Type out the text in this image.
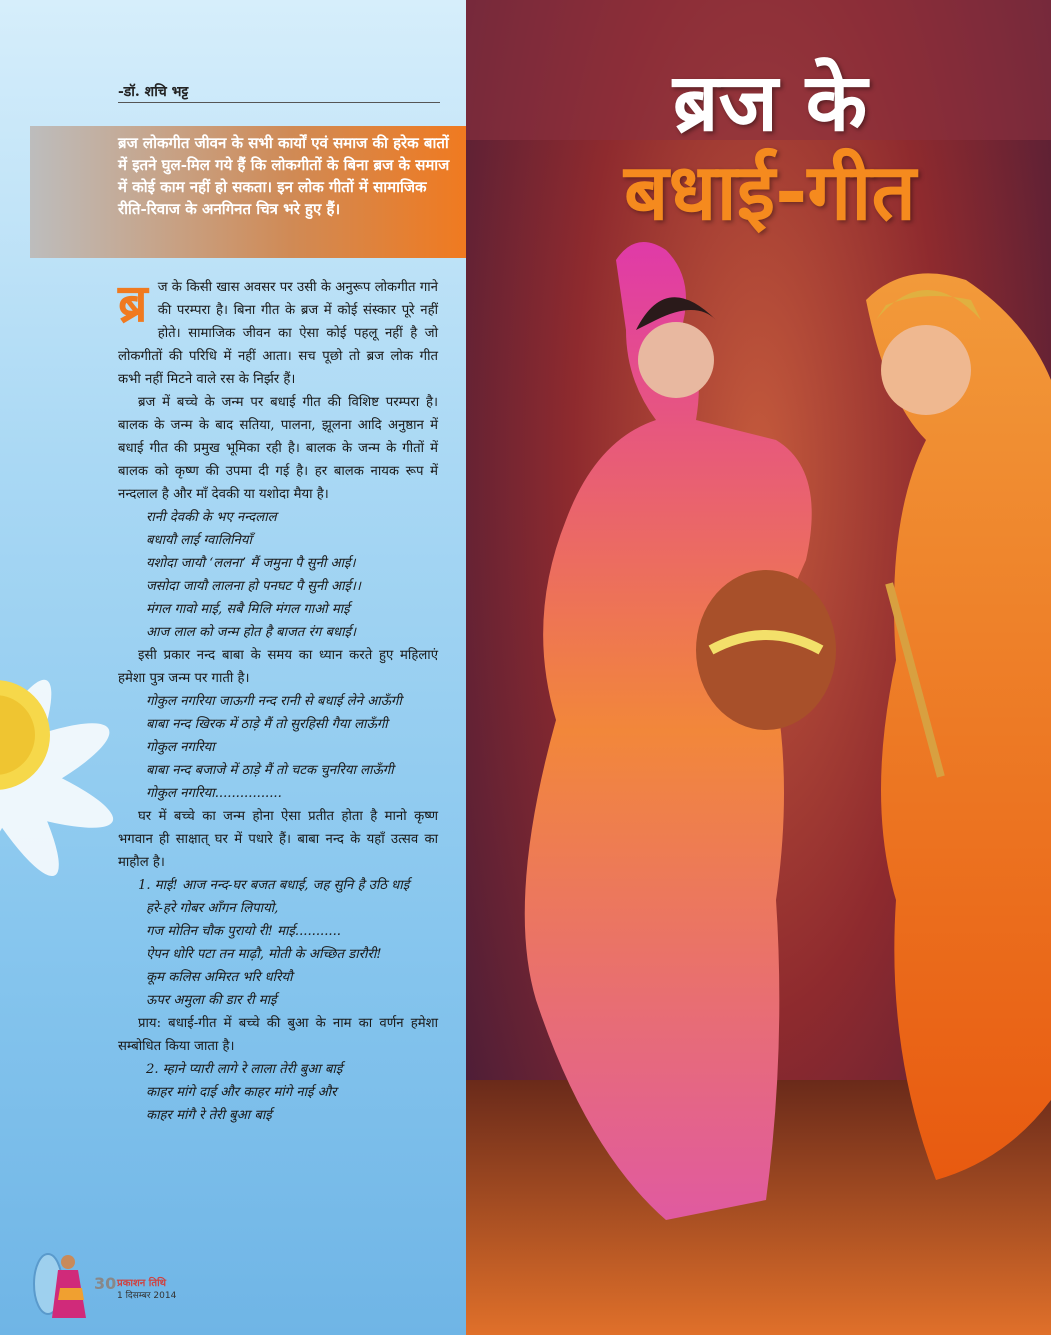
ब्रज के
बधाई-गीत
-डॉ. शचि भट्ट
ब्रज लोकगीत जीवन के सभी कार्यों एवं समाज की हरेक बातों में इतने घुल-मिल गये हैं कि लोकगीतों के बिना ब्रज के समाज में कोई काम नहीं हो सकता। इन लोक गीतों में सामाजिक रीति-रिवाज के अनगिनत चित्र भरे हुए हैं।

ब्र ज के किसी खास अवसर पर उसी के अनुरूप लोकगीत गाने की परम्परा है। बिना गीत के ब्रज में कोई संस्कार पूरे नहीं होते। सामाजिक जीवन का ऐसा कोई पहलू नहीं है जो लोकगीतों की परिधि में नहीं आता। सच पूछो तो ब्रज लोक गीत कभी नहीं मिटने वाले रस के निर्झर हैं।

ब्रज में बच्चे के जन्म पर बधाई गीत की विशिष्ट परम्परा है। बालक के जन्म के बाद सतिया, पालना, झूलना आदि अनुष्ठान में बधाई गीत की प्रमुख भूमिका रही है। बालक के जन्म के गीतों में बालक को कृष्ण की उपमा दी गई है। हर बालक नायक रूप में नन्दलाल है और माँ देवकी या यशोदा मैया है।

रानी देवकी के भए नन्दलाल
बधायौ लाई ग्वालिनियाँ
यशोदा जायौ ‘ललना’ मैं जमुना पै सुनी आई।
जसोदा जायौ लालना हो पनघट पै सुनी आई।।
मंगल गावो माई, सबै मिलि मंगल गाओ माई
आज लाल को जन्म होत है बाजत रंग बधाई।

इसी प्रकार नन्द बाबा के समय का ध्यान करते हुए महिलाएं हमेशा पुत्र जन्म पर गाती है।

गोकुल नगरिया जाऊगी नन्द रानी से बधाई लेने आऊँगी
बाबा नन्द खिरक में ठाड़े मैं तो सुरहिसी गैया लाऊँगी
गोकुल नगरिया
बाबा नन्द बजाजे में ठाड़े मैं तो चटक चुनरिया लाऊँगी
गोकुल नगरिया................

घर में बच्चे का जन्म होना ऐसा प्रतीत होता है मानो कृष्ण भगवान ही साक्षात् घर में पधारे हैं। बाबा नन्द के यहाँ उत्सव का माहौल है।

1. माई! आज नन्द-घर बजत बधाई, जह सुनि है उठि धाई

हरे-हरे गोबर आँगन लिपायो,
गज मोतिन चौक पुरायो री! माई...........
ऐपन धोरि पटा तन माढ़ौ, मोती के अच्छित डारौरी!
कूम कलिस अमिरत भरि धरियौ
ऊपर अमुला की डार री माई

प्राय: बधाई-गीत में बच्चे की बुआ के नाम का वर्णन हमेशा सम्बोधित किया जाता है।

2. म्हाने प्यारी लागे रे लाला तेरी बुआ बाई
काहर मांगे दाई और काहर मांगे नाई और
काहर मांगै रे तेरी बुआ बाई
30 प्रकाशन तिथि
1 दिसम्बर 2014
